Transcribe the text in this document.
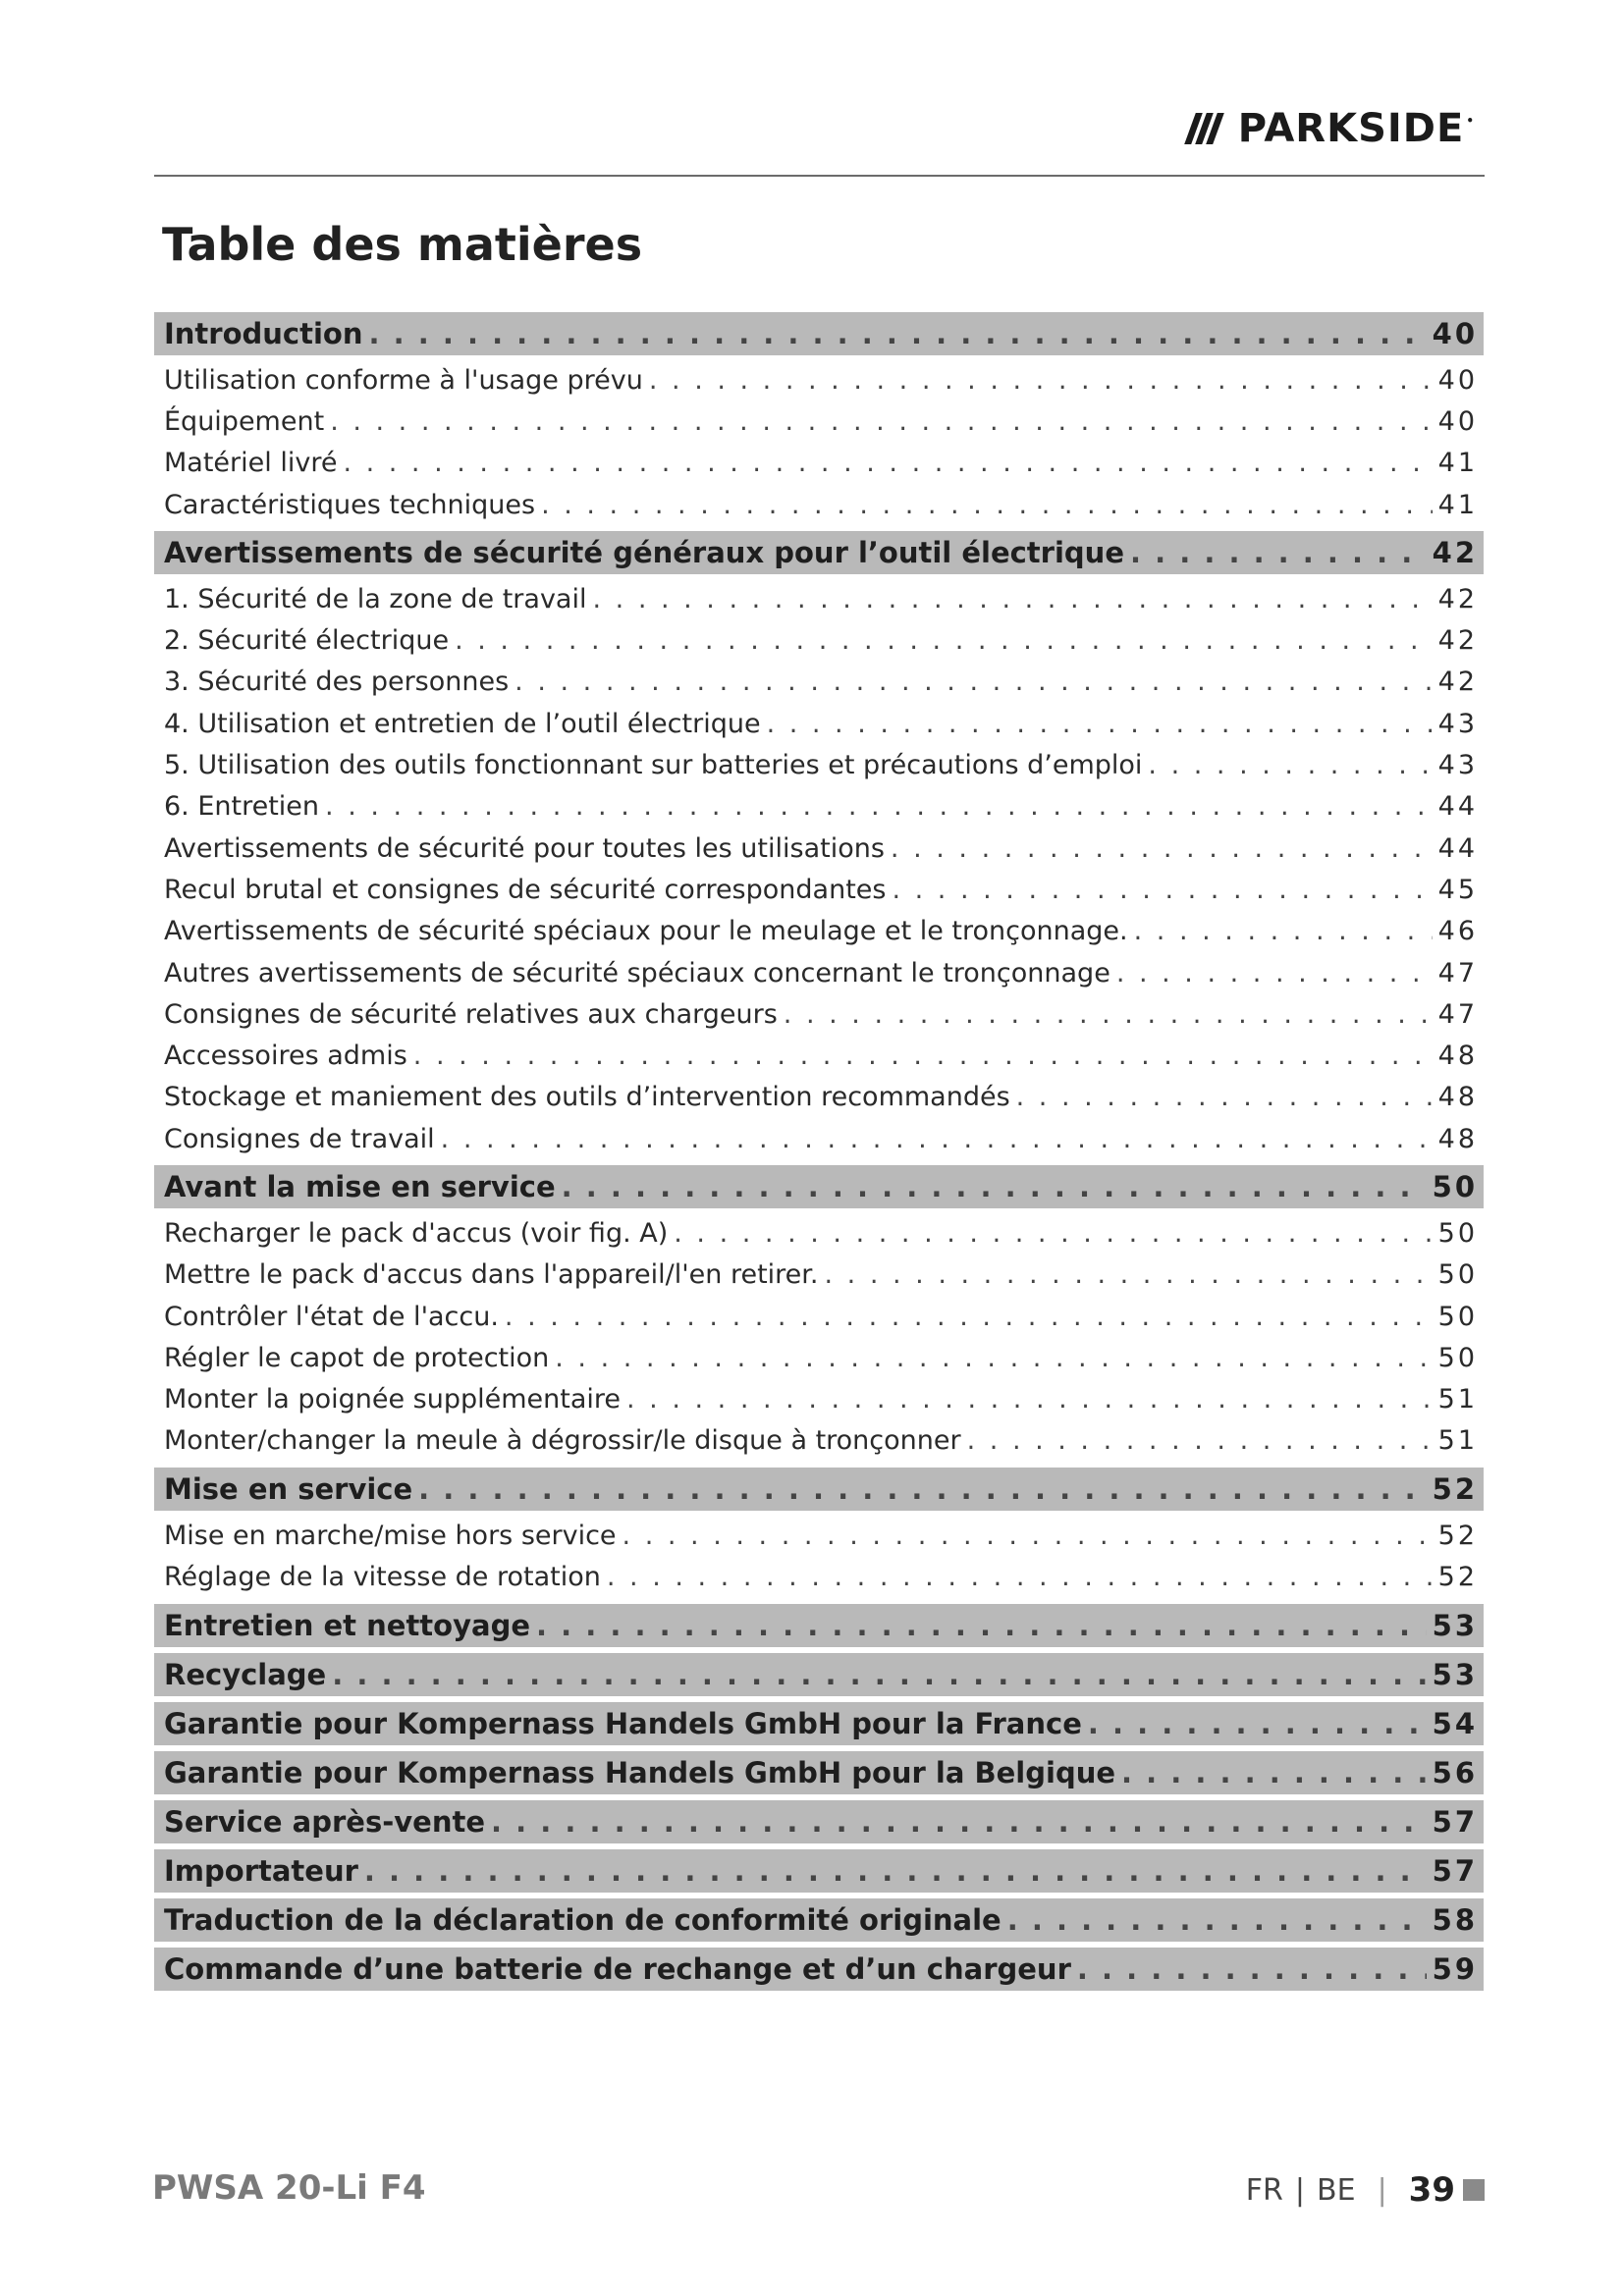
PARKSIDE •
Table des matières
Introduction . . .	40
Utilisation conforme à l'usage prévu . . .	40
Équipement . . .	40
Matériel livré . . .	41
Caractéristiques techniques . . .	41
Avertissements de sécurité généraux pour l’outil électrique . . .	42
1. Sécurité de la zone de travail . . .	42
2. Sécurité électrique . . .	42
3. Sécurité des personnes . . .	42
4. Utilisation et entretien de l’outil électrique . . .	43
5. Utilisation des outils fonctionnant sur batteries et précautions d’emploi . . .	43
6. Entretien . . .	44
Avertissements de sécurité pour toutes les utilisations . . .	44
Recul brutal et consignes de sécurité correspondantes . . .	45
Avertissements de sécurité spéciaux pour le meulage et le tronçonnage. . . .	46
Autres avertissements de sécurité spéciaux concernant le tronçonnage . . .	47
Consignes de sécurité relatives aux chargeurs . . .	47
Accessoires admis . . .	48
Stockage et maniement des outils d’intervention recommandés . . .	48
Consignes de travail . . .	48
Avant la mise en service . . .	50
Recharger le pack d'accus (voir fig. A) . . .	50
Mettre le pack d'accus dans l'appareil/l'en retirer. . . .	50
Contrôler l'état de l'accu. . . .	50
Régler le capot de protection . . .	50
Monter la poignée supplémentaire . . .	51
Monter/changer la meule à dégrossir/le disque à tronçonner . . .	51
Mise en service . . .	52
Mise en marche/mise hors service . . .	52
Réglage de la vitesse de rotation . . .	52
Entretien et nettoyage . . .	53
Recyclage . . .	53
Garantie pour Kompernass Handels GmbH pour la France . . .	54
Garantie pour Kompernass Handels GmbH pour la Belgique . . .	56
Service après-vente . . .	57
Importateur . . .	57
Traduction de la déclaration de conformité originale . . .	58
Commande d’une batterie de rechange et d’un chargeur . . .	59
PWSA 20-Li F4	FR | BE | 39
